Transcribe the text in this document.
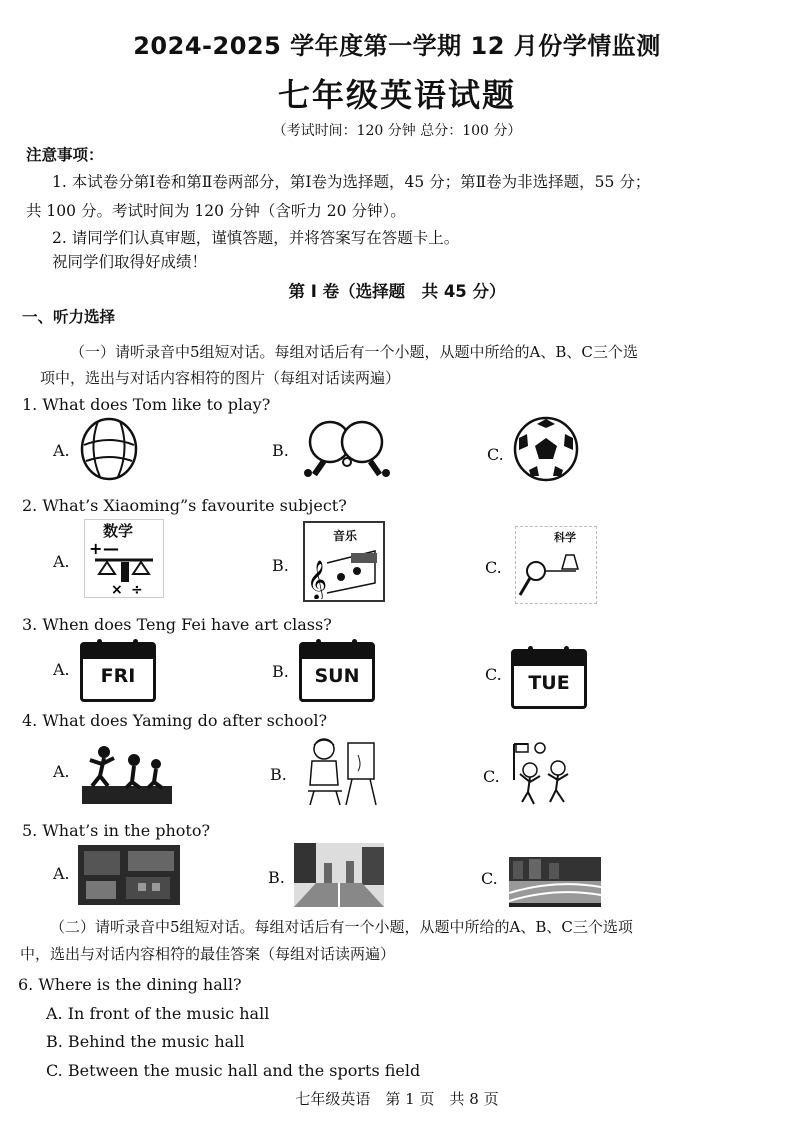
2024-2025 学年度第一学期 12 月份学情监测
七年级英语试题
（考试时间：120 分钟 总分：100 分）
注意事项：
1. 本试卷分第Ⅰ卷和第Ⅱ卷两部分，第Ⅰ卷为选择题，45 分；第Ⅱ卷为非选择题，55 分；
共 100 分。考试时间为 120 分钟（含听力 20 分钟）。
2. 请同学们认真审题，谨慎答题，并将答案写在答题卡上。
祝同学们取得好成绩！
第 I 卷（选择题　共 45 分）
一、听力选择
（一）请听录音中5组短对话。每组对话后有一个小题，从题中所给的A、B、C三个选
项中，选出与对话内容相符的图片（每组对话读两遍）
1. What does Tom like to play?
A.	B.	C.
2. What’s Xiaoming”s favourite subject?
A.	B.	C.
数学
+ —
× ÷
音乐
𝄞
科学
3. When does Teng Fei have art class?
A.	B.	C.
FRI	SUN	TUE
4. What does Yaming do after school?
A.	B.	C.
5. What’s in the photo?
A.	B.	C.
（二）请听录音中5组短对话。每组对话后有一个小题，从题中所给的A、B、C三个选项
中，选出与对话内容相符的最佳答案（每组对话读两遍）
6. Where is the dining hall?
A. In front of the music hall
B. Behind the music hall
C. Between the music hall and the sports field
七年级英语　第 1 页　共 8 页
